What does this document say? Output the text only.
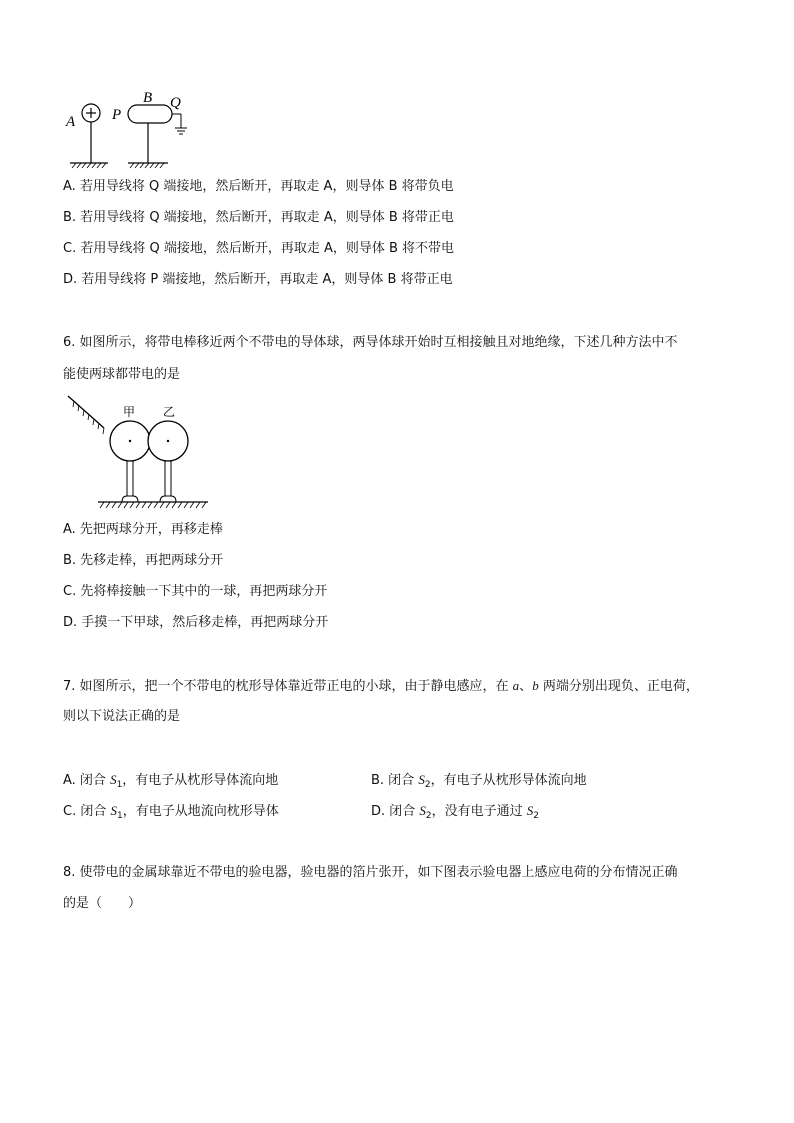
A P
B Q
A. 若用导线将 Q 端接地，然后断开，再取走 A，则导体 B 将带负电
B. 若用导线将 Q 端接地，然后断开，再取走 A，则导体 B 将带正电
C. 若用导线将 Q 端接地，然后断开，再取走 A，则导体 B 将不带电
D. 若用导线将 P 端接地，然后断开，再取走 A，则导体 B 将带正电
6. 如图所示，将带电棒移近两个不带电的导体球，两导体球开始时互相接触且对地绝缘，下述几种方法中不
能使两球都带电的是
甲 乙
A. 先把两球分开，再移走棒
B. 先移走棒，再把两球分开
C. 先将棒接触一下其中的一球，再把两球分开
D. 手摸一下甲球，然后移走棒，再把两球分开
7. 如图所示，把一个不带电的枕形导体靠近带正电的小球，由于静电感应，在 a、b 两端分别出现负、正电荷，
则以下说法正确的是
A. 闭合 $S_1$，有电子从枕形导体流向地	B. 闭合 $S_2$，有电子从枕形导体流向地
C. 闭合 $S_1$，有电子从地流向枕形导体	D. 闭合 $S_2$，没有电子通过 $S_2$
8. 使带电的金属球靠近不带电的验电器，验电器的箔片张开，如下图表示验电器上感应电荷的分布情况正确
的是（　　）
